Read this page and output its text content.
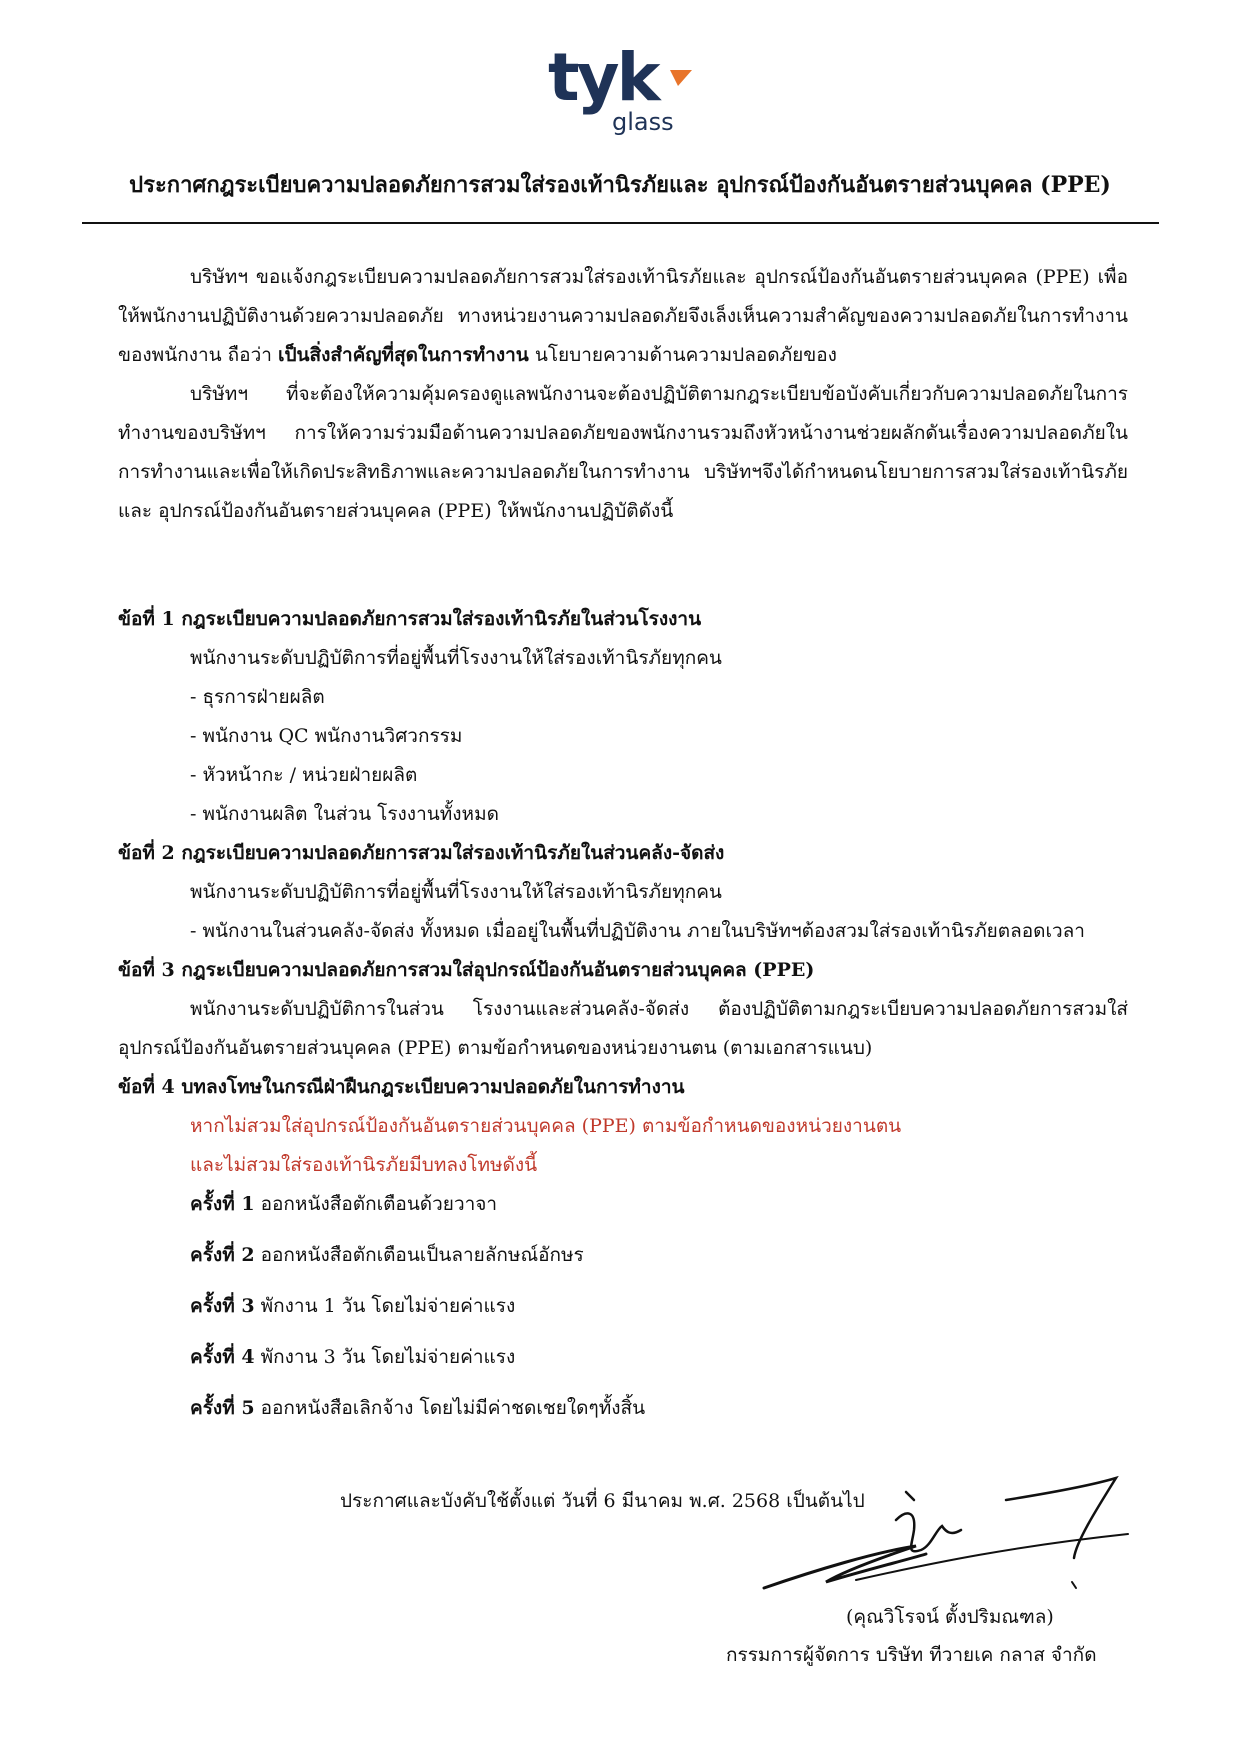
tyk
glass
ประกาศกฎระเบียบความปลอดภัยการสวมใส่รองเท้านิรภัยและ อุปกรณ์ป้องกันอันตรายส่วนบุคคล (PPE)

บริษัทฯ ขอแจ้งกฎระเบียบความปลอดภัยการสวมใส่รองเท้านิรภัยและ อุปกรณ์ป้องกันอันตรายส่วนบุคคล (PPE) เพื่อให้พนักงานปฏิบัติงานด้วยความปลอดภัย ทางหน่วยงานความปลอดภัยจึงเล็งเห็นความสำคัญของความปลอดภัยในการทำงานของพนักงาน ถือว่า เป็นสิ่งสำคัญที่สุดในการทำงาน นโยบายความด้านความปลอดภัยของ

บริษัทฯ ที่จะต้องให้ความคุ้มครองดูแลพนักงานจะต้องปฏิบัติตามกฎระเบียบข้อบังคับเกี่ยวกับความปลอดภัยในการทำงานของบริษัทฯ การให้ความร่วมมือด้านความปลอดภัยของพนักงานรวมถึงหัวหน้างานช่วยผลักดันเรื่องความปลอดภัยในการทำงานและเพื่อให้เกิดประสิทธิภาพและความปลอดภัยในการทำงาน บริษัทฯจึงได้กำหนดนโยบายการสวมใส่รองเท้านิรภัยและ อุปกรณ์ป้องกันอันตรายส่วนบุคคล (PPE) ให้พนักงานปฏิบัติดังนี้

ข้อที่ 1 กฎระเบียบความปลอดภัยการสวมใส่รองเท้านิรภัยในส่วนโรงงาน

พนักงานระดับปฏิบัติการที่อยู่พื้นที่โรงงานให้ใส่รองเท้านิรภัยทุกคน

- ธุรการฝ่ายผลิต

- พนักงาน QC พนักงานวิศวกรรม

- หัวหน้ากะ / หน่วยฝ่ายผลิต

- พนักงานผลิต ในส่วน โรงงานทั้งหมด

ข้อที่ 2 กฎระเบียบความปลอดภัยการสวมใส่รองเท้านิรภัยในส่วนคลัง-จัดส่ง

พนักงานระดับปฏิบัติการที่อยู่พื้นที่โรงงานให้ใส่รองเท้านิรภัยทุกคน

- พนักงานในส่วนคลัง-จัดส่ง ทั้งหมด เมื่ออยู่ในพื้นที่ปฏิบัติงาน ภายในบริษัทฯต้องสวมใส่รองเท้านิรภัยตลอดเวลา

ข้อที่ 3 กฎระเบียบความปลอดภัยการสวมใส่อุปกรณ์ป้องกันอันตรายส่วนบุคคล (PPE)

พนักงานระดับปฏิบัติการในส่วน โรงงานและส่วนคลัง-จัดส่ง ต้องปฏิบัติตามกฎระเบียบความปลอดภัยการสวมใส่อุปกรณ์ป้องกันอันตรายส่วนบุคคล (PPE) ตามข้อกำหนดของหน่วยงานตน (ตามเอกสารแนบ)

ข้อที่ 4 บทลงโทษในกรณีฝ่าฝืนกฎระเบียบความปลอดภัยในการทำงาน

หากไม่สวมใส่อุปกรณ์ป้องกันอันตรายส่วนบุคคล (PPE) ตามข้อกำหนดของหน่วยงานตน

และไม่สวมใส่รองเท้านิรภัยมีบทลงโทษดังนี้

ครั้งที่ 1 ออกหนังสือตักเตือนด้วยวาจา

ครั้งที่ 2 ออกหนังสือตักเตือนเป็นลายลักษณ์อักษร

ครั้งที่ 3 พักงาน 1 วัน โดยไม่จ่ายค่าแรง

ครั้งที่ 4 พักงาน 3 วัน โดยไม่จ่ายค่าแรง

ครั้งที่ 5 ออกหนังสือเลิกจ้าง โดยไม่มีค่าชดเชยใดๆทั้งสิ้น

ประกาศและบังคับใช้ตั้งแต่ วันที่ 6 มีนาคม พ.ศ. 2568 เป็นต้นไป
(คุณวิโรจน์ ตั้งปริมณฑล)
กรรมการผู้จัดการ บริษัท ทีวายเค กลาส จำกัด
